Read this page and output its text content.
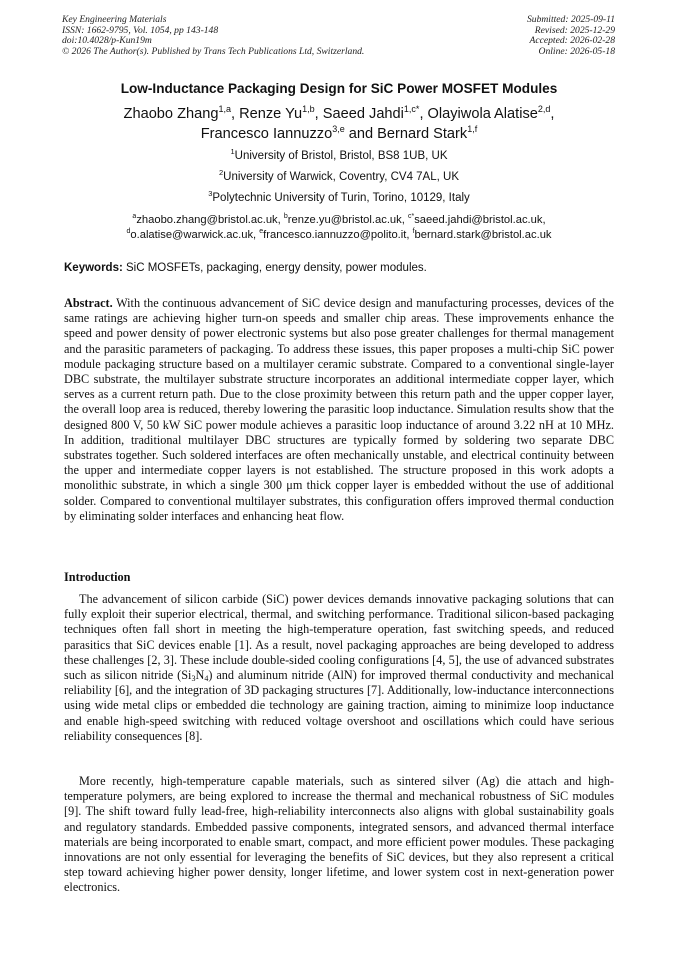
Key Engineering Materials
ISSN: 1662-9795, Vol. 1054, pp 143-148
doi:10.4028/p-Kun19m
© 2026 The Author(s). Published by Trans Tech Publications Ltd, Switzerland.
Submitted: 2025-09-11
Revised: 2025-12-29
Accepted: 2026-02-28
Online: 2026-05-18
Low-Inductance Packaging Design for SiC Power MOSFET Modules
Zhaobo Zhang$^{1,a}$, Renze Yu$^{1,b}$, Saeed Jahdi$^{1,c*}$, Olayiwola Alatise$^{2,d}$,
Francesco Iannuzzo$^{3,e}$ and Bernard Stark$^{1,f}$
$^1$University of Bristol, Bristol, BS8 1UB, UK
$^2$University of Warwick, Coventry, CV4 7AL, UK
$^3$Polytechnic University of Turin, Torino, 10129, Italy
$^a$zhaobo.zhang@bristol.ac.uk, $^b$renze.yu@bristol.ac.uk, $^{c*}$saeed.jahdi@bristol.ac.uk,
$^d$o.alatise@warwick.ac.uk, $^e$francesco.iannuzzo@polito.it, $^f$bernard.stark@bristol.ac.uk
Keywords: SiC MOSFETs, packaging, energy density, power modules.
Abstract. With the continuous advancement of SiC device design and manufacturing processes, devices of the same ratings are achieving higher turn-on speeds and smaller chip areas. These improvements enhance the speed and power density of power electronic systems but also pose greater challenges for thermal management and the parasitic parameters of packaging. To address these issues, this paper proposes a multi-chip SiC power module packaging structure based on a multilayer ceramic substrate. Compared to a conventional single-layer DBC substrate, the multilayer substrate structure incorporates an additional intermediate copper layer, which serves as a current return path. Due to the close proximity between this return path and the upper copper layer, the overall loop area is reduced, thereby lowering the parasitic loop inductance. Simulation results show that the designed 800 V, 50 kW SiC power module achieves a parasitic loop inductance of around 3.22 nH at 10 MHz. In addition, traditional multilayer DBC structures are typically formed by soldering two separate DBC substrates together. Such soldered interfaces are often mechanically unstable, and electrical continuity between the upper and intermediate copper layers is not established. The structure proposed in this work adopts a monolithic substrate, in which a single 300 μm thick copper layer is embedded without the use of additional solder. Compared to conventional multilayer substrates, this configuration offers improved thermal conduction by eliminating solder interfaces and enhancing heat flow.
Introduction
The advancement of silicon carbide (SiC) power devices demands innovative packaging solutions that can fully exploit their superior electrical, thermal, and switching performance. Traditional silicon-based packaging techniques often fall short in meeting the high-temperature operation, fast switching speeds, and reduced parasitics that SiC devices enable [1]. As a result, novel packaging approaches are being developed to address these challenges [2, 3]. These include double-sided cooling configurations [4, 5], the use of advanced substrates such as silicon nitride $(Si_3N_4)$ and aluminum nitride (AlN) for improved thermal conductivity and mechanical reliability [6], and the integration of 3D packaging structures [7]. Additionally, low-inductance interconnections using wide metal clips or embedded die technology are gaining traction, aiming to minimize loop inductance and enable high-speed switching with reduced voltage overshoot and oscillations which could have serious reliability consequences [8].
More recently, high-temperature capable materials, such as sintered silver (Ag) die attach and high-temperature polymers, are being explored to increase the thermal and mechanical robustness of SiC modules [9]. The shift toward fully lead-free, high-reliability interconnects also aligns with global sustainability goals and regulatory standards. Embedded passive components, integrated sensors, and advanced thermal interface materials are being incorporated to enable smart, compact, and more efficient power modules. These packaging innovations are not only essential for leveraging the benefits of SiC devices, but they also represent a critical step toward achieving higher power density, longer lifetime, and lower system cost in next-generation power electronics.
